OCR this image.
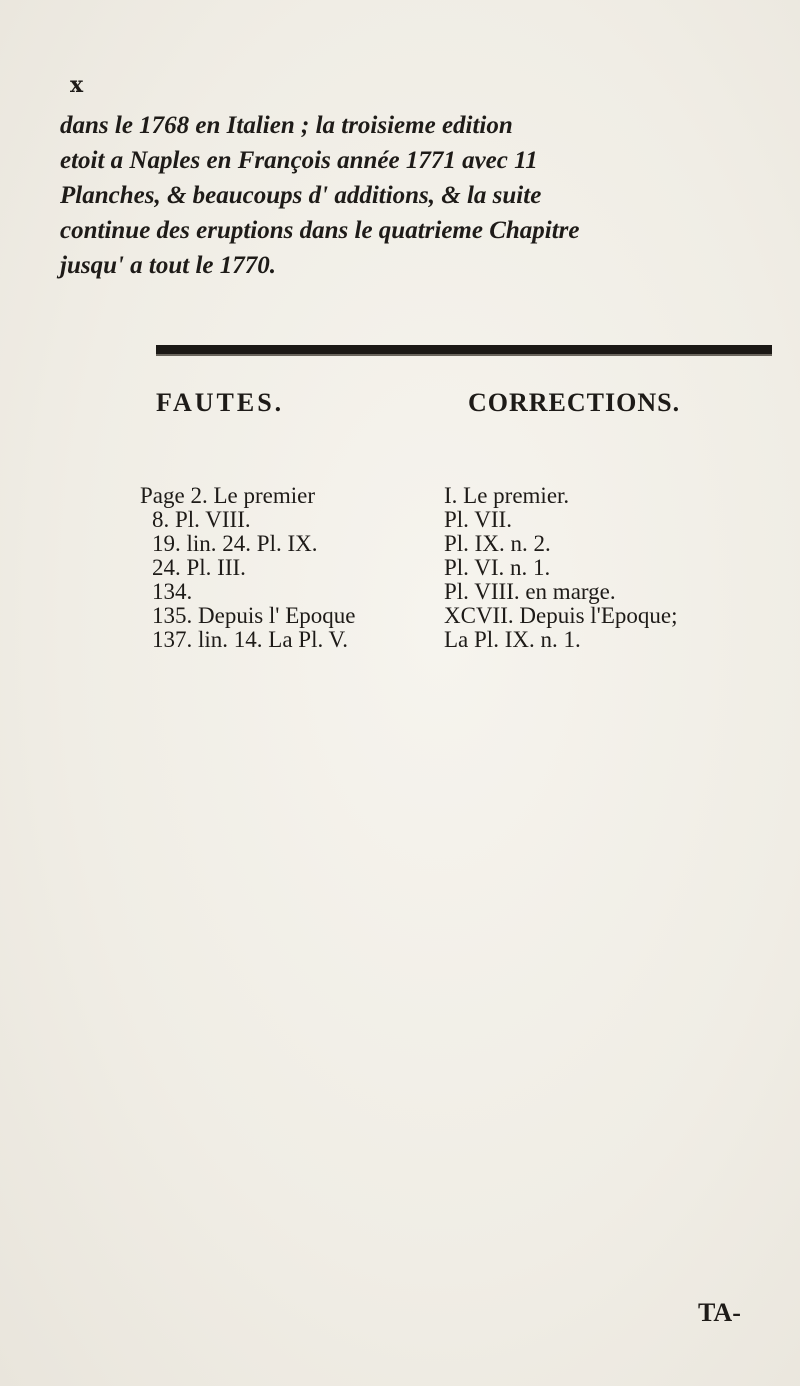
x

dans le 1768 en Italien ; la troisieme edition

etoit a Naples en François année 1771 avec 11

Planches, & beaucoups d' additions, & la suite

continue des eruptions dans le quatrieme Chapitre

jusqu' a tout le 1770.

FAUTES.	CORRECTIONS.
Page 2. Le premier
8. Pl. VIII.
19. lin. 24. Pl. IX.
24. Pl. III.
134.
135. Depuis l' Epoque
137. lin. 14. La Pl. V.
I. Le premier.
Pl. VII.
Pl. IX. n. 2.
Pl. VI. n. 1.
Pl. VIII. en marge.
XCVII. Depuis l'Epoque;
La Pl. IX. n. 1.
TA-
